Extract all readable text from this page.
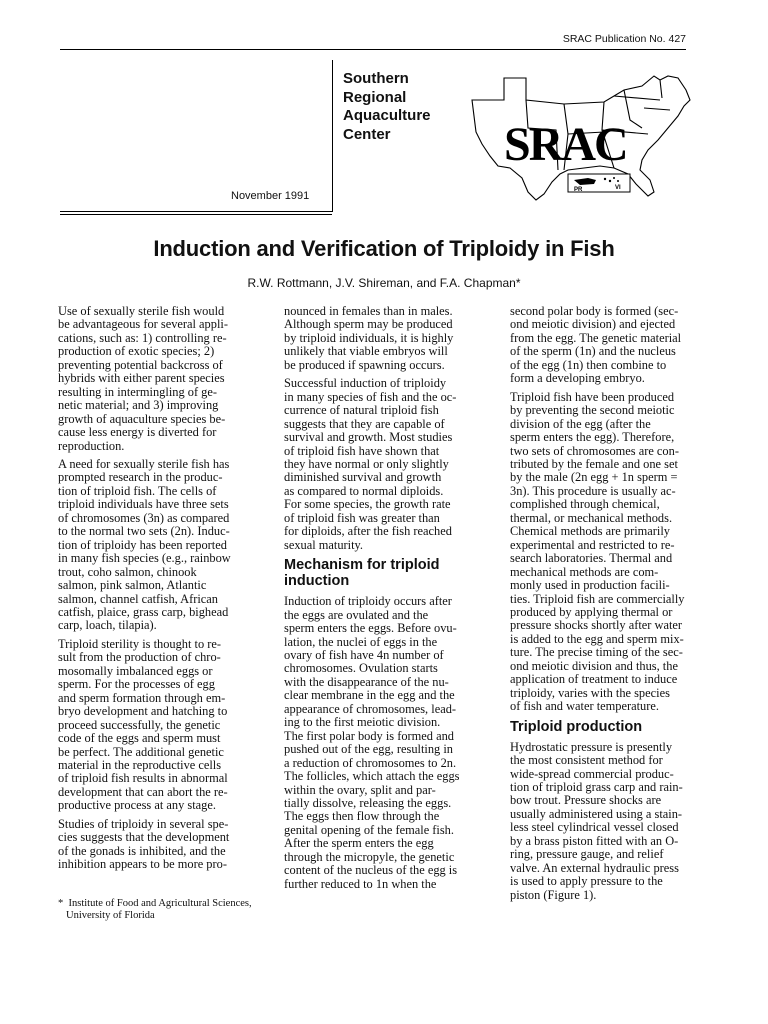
SRAC Publication No. 427
Southern
Regional
Aquaculture
Center
November 1991
SRAC
PR	VI
Induction and Verification of Triploidy in Fish
R.W. Rottmann, J.V. Shireman, and F.A. Chapman*

Use of sexually sterile fish would
be advantageous for several appli-
cations, such as: 1) controlling re-
production of exotic species; 2)
preventing potential backcross of
hybrids with either parent species
resulting in intermingling of ge-
netic material; and 3) improving
growth of aquaculture species be-
cause less energy is diverted for
reproduction.

A need for sexually sterile fish has
prompted research in the produc-
tion of triploid fish. The cells of
triploid individuals have three sets
of chromosomes (3n) as compared
to the normal two sets (2n). Induc-
tion of triploidy has been reported
in many fish species (e.g., rainbow
trout, coho salmon, chinook
salmon, pink salmon, Atlantic
salmon, channel catfish, African
catfish, plaice, grass carp, bighead
carp, loach, tilapia).

Triploid sterility is thought to re-
sult from the production of chro-
mosomally imbalanced eggs or
sperm. For the processes of egg
and sperm formation through em-
bryo development and hatching to
proceed successfully, the genetic
code of the eggs and sperm must
be perfect. The additional genetic
material in the reproductive cells
of triploid fish results in abnormal
development that can abort the re-
productive process at any stage.

Studies of triploidy in several spe-
cies suggests that the development
of the gonads is inhibited, and the
inhibition appears to be more pro-

nounced in females than in males.
Although sperm may be produced
by triploid individuals, it is highly
unlikely that viable embryos will
be produced if spawning occurs.

Successful induction of triploidy
in many species of fish and the oc-
currence of natural triploid fish
suggests that they are capable of
survival and growth. Most studies
of triploid fish have shown that
they have normal or only slightly
diminished survival and growth
as compared to normal diploids.
For some species, the growth rate
of triploid fish was greater than
for diploids, after the fish reached
sexual maturity.

Mechanism for triploid
induction

Induction of triploidy occurs after
the eggs are ovulated and the
sperm enters the eggs. Before ovu-
lation, the nuclei of eggs in the
ovary of fish have 4n number of
chromosomes. Ovulation starts
with the disappearance of the nu-
clear membrane in the egg and the
appearance of chromosomes, lead-
ing to the first meiotic division.
The first polar body is formed and
pushed out of the egg, resulting in
a reduction of chromosomes to 2n.
The follicles, which attach the eggs
within the ovary, split and par-
tially dissolve, releasing the eggs.
The eggs then flow through the
genital opening of the female fish.
After the sperm enters the egg
through the micropyle, the genetic
content of the nucleus of the egg is
further reduced to 1n when the

second polar body is formed (sec-
ond meiotic division) and ejected
from the egg. The genetic material
of the sperm (1n) and the nucleus
of the egg (1n) then combine to
form a developing embryo.

Triploid fish have been produced
by preventing the second meiotic
division of the egg (after the
sperm enters the egg). Therefore,
two sets of chromosomes are con-
tributed by the female and one set
by the male (2n egg + 1n sperm =
3n). This procedure is usually ac-
complished through chemical,
thermal, or mechanical methods.
Chemical methods are primarily
experimental and restricted to re-
search laboratories. Thermal and
mechanical methods are com-
monly used in production facili-
ties. Triploid fish are commercially
produced by applying thermal or
pressure shocks shortly after water
is added to the egg and sperm mix-
ture. The precise timing of the sec-
ond meiotic division and thus, the
application of treatment to induce
triploidy, varies with the species
of fish and water temperature.

Triploid production

Hydrostatic pressure is presently
the most consistent method for
wide-spread commercial produc-
tion of triploid grass carp and rain-
bow trout. Pressure shocks are
usually administered using a stain-
less steel cylindrical vessel closed
by a brass piston fitted with an O-
ring, pressure gauge, and relief
valve. An external hydraulic press
is used to apply pressure to the
piston (Figure 1).

* Institute of Food and Agricultural Sciences,
University of Florida
